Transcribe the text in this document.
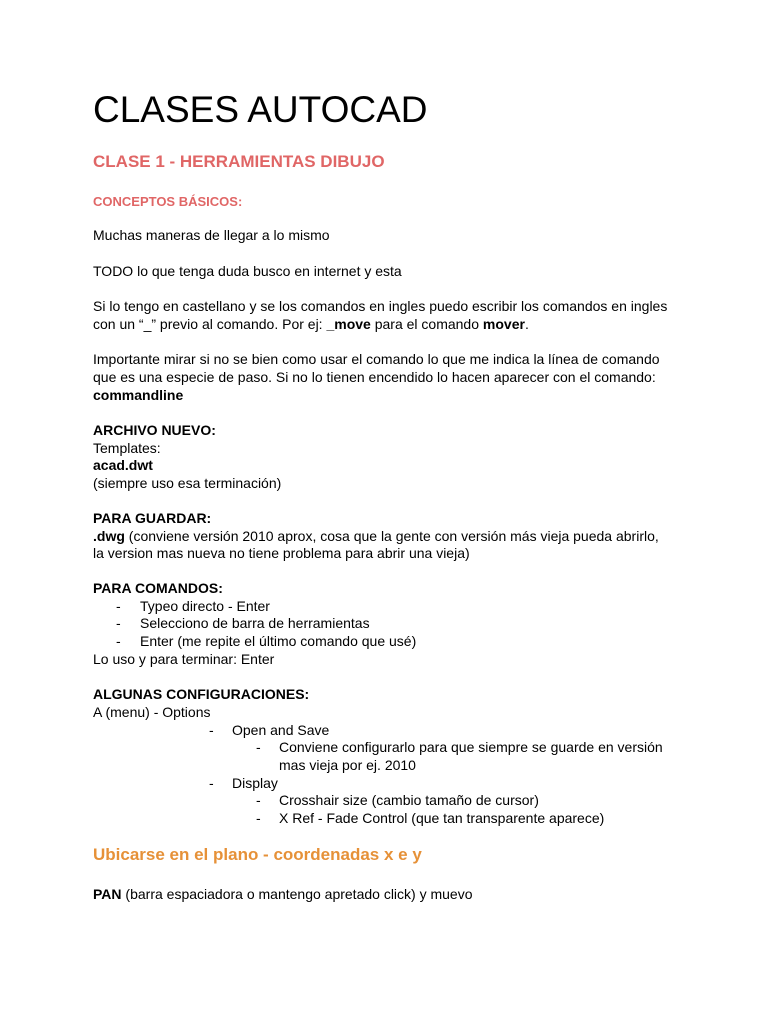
CLASES AUTOCAD
CLASE 1 - HERRAMIENTAS DIBUJO
CONCEPTOS BÁSICOS:

Muchas maneras de llegar a lo mismo

TODO lo que tenga duda busco en internet y esta

Si lo tengo en castellano y se los comandos en ingles puedo escribir los comandos en ingles

con un “_” previo al comando. Por ej: _move para el comando mover.

Importante mirar si no se bien como usar el comando lo que me indica la línea de comando

que es una especie de paso. Si no lo tienen encendido lo hacen aparecer con el comando:

commandline

ARCHIVO NUEVO:

Templates:

acad.dwt

(siempre uso esa terminación)

PARA GUARDAR:

.dwg (conviene versión 2010 aprox, cosa que la gente con versión más vieja pueda abrirlo,

la version mas nueva no tiene problema para abrir una vieja)

PARA COMANDOS:

- Typeo directo - Enter

- Selecciono de barra de herramientas

- Enter (me repite el último comando que usé)

Lo uso y para terminar: Enter

ALGUNAS CONFIGURACIONES:

A (menu) - Options

- Open and Save

- Conviene configurarlo para que siempre se guarde en versión

mas vieja por ej. 2010

- Display

- Crosshair size (cambio tamaño de cursor)

- X Ref - Fade Control (que tan transparente aparece)

Ubicarse en el plano - coordenadas x e y

PAN (barra espaciadora o mantengo apretado click) y muevo
